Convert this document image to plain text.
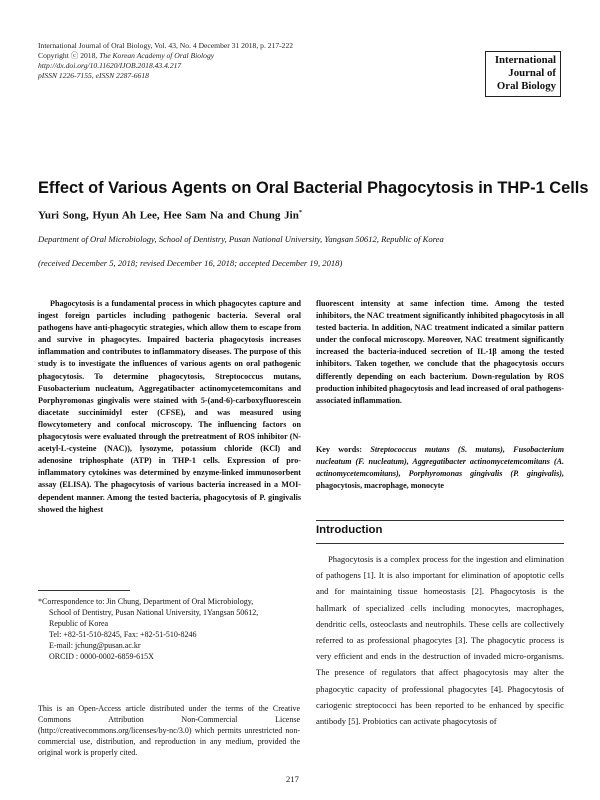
International Journal of Oral Biology, Vol. 43, No. 4 December 31 2018, p. 217-222
Copyright ⓒ 2018, The Korean Academy of Oral Biology
http://dx.doi.org/10.11620/IJOB.2018.43.4.217
pISSN 1226-7155, eISSN 2287-6618
International
Journal of
Oral Biology
Effect of Various Agents on Oral Bacterial Phagocytosis in THP-1 Cells
Yuri Song, Hyun Ah Lee, Hee Sam Na and Chung Jin*
Department of Oral Microbiology, School of Dentistry, Pusan National University, Yangsan 50612, Republic of Korea
(received December 5, 2018; revised December 16, 2018; accepted December 19, 2018)

Phagocytosis is a fundamental process in which phagocytes capture and ingest foreign particles including pathogenic bacteria. Several oral pathogens have anti-phagocytic strategies, which allow them to escape from and survive in phagocytes. Impaired bacteria phagocytosis increases inflammation and contributes to inflammatory diseases. The purpose of this study is to investigate the influences of various agents on oral pathogenic phagocytosis. To determine phagocytosis, Streptococcus mutans, Fusobacterium nucleatum, Aggregatibacter actinomycetemcomitans and Porphyromonas gingivalis were stained with 5-(and-6)-carboxyfluorescein diacetate succinimidyl ester (CFSE), and was measured using flowcytometery and confocal microscopy. The influencing factors on phagocytosis were evaluated through the pretreatment of ROS inhibitor (N-acetyl-L-cysteine (NAC)), lysozyme, potassium chloride (KCl) and adenosine triphosphate (ATP) in THP-1 cells. Expression of pro-inflammatory cytokines was determined by enzyme-linked immunosorbent assay (ELISA). The phagocytosis of various bacteria increased in a MOI-dependent manner. Among the tested bacteria, phagocytosis of P. gingivalis showed the highest

fluorescent intensity at same infection time. Among the tested inhibitors, the NAC treatment significantly inhibited phagocytosis in all tested bacteria. In addition, NAC treatment indicated a similar pattern under the confocal microscopy. Moreover, NAC treatment significantly increased the bacteria-induced secretion of IL-1β among the tested inhibitors. Taken together, we conclude that the phagocytosis occurs differently depending on each bacterium. Down-regulation by ROS production inhibited phagocytosis and lead increased of oral pathogens-associated inflammation.

Key words: Streptococcus mutans (S. mutans), Fusobacterium nucleatum (F. nucleatum), Aggregatibacter actinomycetemcomitans (A. actinomycetemcomitans), Porphyromonas gingivalis (P. gingivalis), phagocytosis, macrophage, monocyte

Introduction

Phagocytosis is a complex process for the ingestion and elimination of pathogens [1]. It is also important for elimination of apoptotic cells and for maintaining tissue homeostasis [2]. Phagocytosis is the hallmark of specialized cells including monocytes, macrophages, dendritic cells, osteoclasts and neutrophils. These cells are collectively referred to as professional phagocytes [3]. The phagocytic process is very efficient and ends in the destruction of invaded micro-organisms. The presence of regulators that affect phagocytosis may alter the phagocytic capacity of professional phagocytes [4]. Phagocytosis of cariogenic streptococci has been reported to be enhanced by specific antibody [5]. Probiotics can activate phagocytosis of

*Correspondence to: Jin Chung, Department of Oral Microbiology,
School of Dentistry, Pusan National University, 1Yangsan 50612,
Republic of Korea
Tel: +82-51-510-8245, Fax: +82-51-510-8246
E-mail: jchung@pusan.ac.kr
ORCID : 0000-0002-6859-615X

This is an Open-Access article distributed under the terms of the Creative Commons Attribution Non-Commercial License (http://creativecommons.org/licenses/by-nc/3.0) which permits unrestricted non-commercial use, distribution, and reproduction in any medium, provided the original work is properly cited.

217
